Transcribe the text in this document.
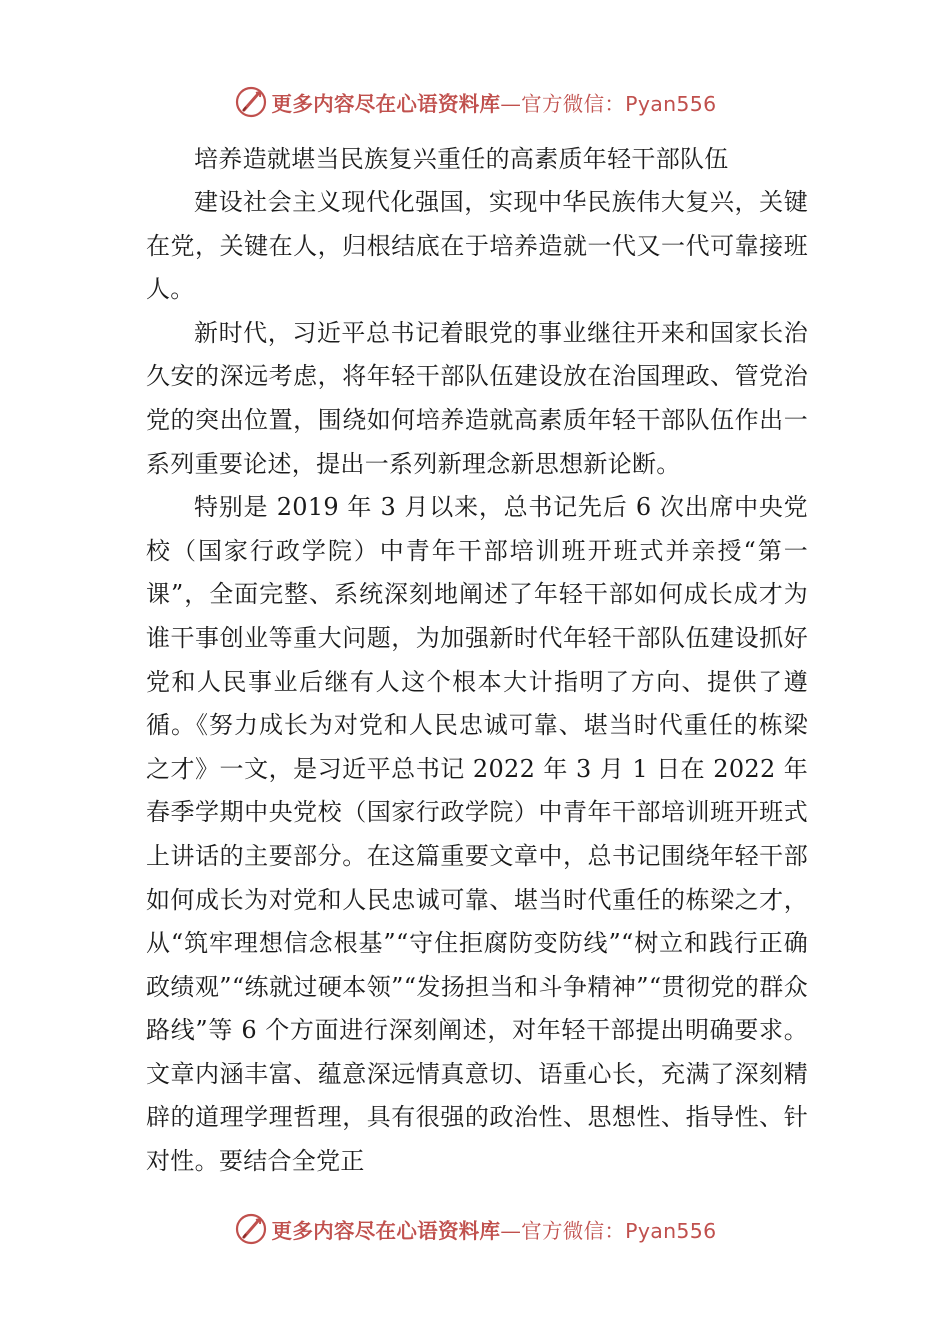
更多内容尽在心语资料库—官方微信：Pyan556

培养造就堪当民族复兴重任的高素质年轻干部队伍

建设社会主义现代化强国，实现中华民族伟大复兴，关键在党，关键在人，归根结底在于培养造就一代又一代可靠接班人。

新时代，习近平总书记着眼党的事业继往开来和国家长治久安的深远考虑，将年轻干部队伍建设放在治国理政、管党治党的突出位置，围绕如何培养造就高素质年轻干部队伍作出一系列重要论述，提出一系列新理念新思想新论断。

特别是 2019 年 3 月以来，总书记先后 6 次出席中央党校（国家行政学院）中青年干部培训班开班式并亲授“第一课”，全面完整、系统深刻地阐述了年轻干部如何成长成才为谁干事创业等重大问题，为加强新时代年轻干部队伍建设抓好党和人民事业后继有人这个根本大计指明了方向、提供了遵循。《努力成长为对党和人民忠诚可靠、堪当时代重任的栋梁之才》一文，是习近平总书记 2022 年 3 月 1 日在 2022 年春季学期中央党校（国家行政学院）中青年干部培训班开班式上讲话的主要部分。在这篇重要文章中，总书记围绕年轻干部如何成长为对党和人民忠诚可靠、堪当时代重任的栋梁之才，从“筑牢理想信念根基”“守住拒腐防变防线”“树立和践行正确政绩观”“练就过硬本领”“发扬担当和斗争精神”“贯彻党的群众路线”等 6 个方面进行深刻阐述，对年轻干部提出明确要求。文章内涵丰富、蕴意深远情真意切、语重心长，充满了深刻精辟的道理学理哲理，具有很强的政治性、思想性、指导性、针对性。要结合全党正

更多内容尽在心语资料库—官方微信：Pyan556
